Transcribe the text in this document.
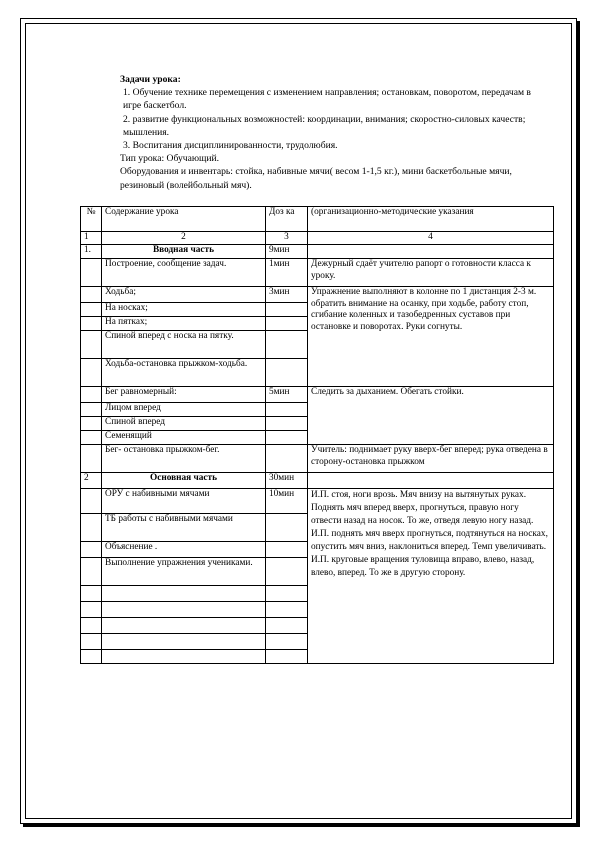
Задачи урока:

1. Обучение технике перемещения с изменением направления; остановкам, поворотом, передачам в игре баскетбол.

2. развитие функциональных возможностей: координации, внимания; скоростно-силовых качеств; мышления.

3. Воспитания дисциплинированности, трудолюбия.

Тип урока: Обучающий.

Оборудования и инвентарь: стойка, набивные мячи( весом 1-1,5 кг.), мини баскетбольные мячи, резиновый (волейбольный мяч).

№	Содержание урока	Доз ка	(организационно-методические указания
1	2	3	4
1.	Вводная часть	9мин	
	Построение, сообщение задач.	1мин	Дежурный сдаёт учителю рапорт о готовности класса к уроку.
	Ходьба;	3мин	Упражнение выполняют в колонне по 1 дистанция 2-3 м. обратить внимание на осанку, при ходьбе, работу стоп, сгибание коленных и тазобедренных суставов при остановке и поворотах. Руки согнуты.
	На носках;		
	На пятках;		
	Спиной вперед с носка на пятку.		
	Ходьба-остановка прыжком-ходьба.		
	Бег равномерный:	5мин	Следить за дыханием. Обегать стойки.
	Лицом вперед		
	Спиной вперед		
	Семенящий		
	Бег- остановка прыжком-бег.		Учитель: поднимает руку вверх-бег вперед; рука отведена в сторону-остановка прыжком
2	Основная часть	30мин	
	ОРУ с набивными мячами	10мин	И.П. стоя, ноги врозь. Мяч внизу на вытянутых руках. Поднять мяч вперед вверх, прогнуться, правую ногу отвести назад на носок. То же, отведя левую ногу назад.
И.П. поднять мяч вверх прогнуться, подтянуться на носках, опустить мяч вниз, наклониться вперед. Темп увеличивать.
И.П. круговые вращения туловища вправо, влево, назад, влево, вперед. То же в другую сторону.

	ТБ работы с набивными мячами		
	Объяснение .		
	Выполнение упражнения учениками.		
